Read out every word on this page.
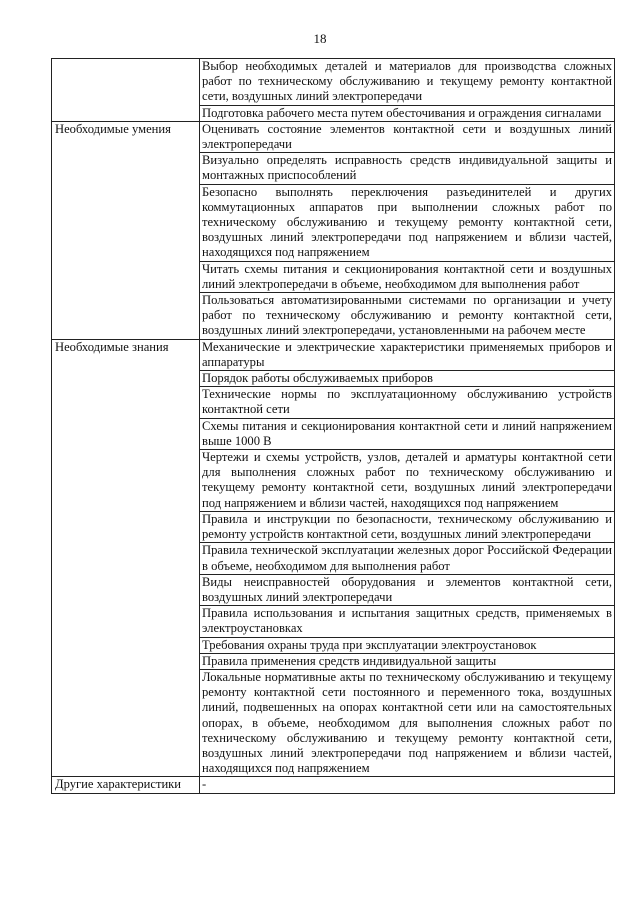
18
	Выбор необходимых деталей и материалов для производства сложных работ по техническому обслуживанию и текущему ремонту контактной сети, воздушных линий электропередачи
	Подготовка рабочего места путем обесточивания и ограждения сигналами
Необходимые умения	Оценивать состояние элементов контактной сети и воздушных линий электропередачи
	Визуально определять исправность средств индивидуальной защиты и монтажных приспособлений
	Безопасно выполнять переключения разъединителей и других коммутационных аппаратов при выполнении сложных работ по техническому обслуживанию и текущему ремонту контактной сети, воздушных линий электропередачи под напряжением и вблизи частей, находящихся под напряжением
	Читать схемы питания и секционирования контактной сети и воздушных линий электропередачи в объеме, необходимом для выполнения работ
	Пользоваться автоматизированными системами по организации и учету работ по техническому обслуживанию и ремонту контактной сети, воздушных линий электропередачи, установленными на рабочем месте
Необходимые знания	Механические и электрические характеристики применяемых приборов и аппаратуры
	Порядок работы обслуживаемых приборов
	Технические нормы по эксплуатационному обслуживанию устройств контактной сети
	Схемы питания и секционирования контактной сети и линий напряжением выше 1000 В
	Чертежи и схемы устройств, узлов, деталей и арматуры контактной сети для выполнения сложных работ по техническому обслуживанию и текущему ремонту контактной сети, воздушных линий электропередачи под напряжением и вблизи частей, находящихся под напряжением
	Правила и инструкции по безопасности, техническому обслуживанию и ремонту устройств контактной сети, воздушных линий электропередачи
	Правила технической эксплуатации железных дорог Российской Федерации в объеме, необходимом для выполнения работ
	Виды неисправностей оборудования и элементов контактной сети, воздушных линий электропередачи
	Правила использования и испытания защитных средств, применяемых в электроустановках
	Требования охраны труда при эксплуатации электроустановок
	Правила применения средств индивидуальной защиты
	Локальные нормативные акты по техническому обслуживанию и текущему ремонту контактной сети постоянного и переменного тока, воздушных линий, подвешенных на опорах контактной сети или на самостоятельных опорах, в объеме, необходимом для выполнения сложных работ по техническому обслуживанию и текущему ремонту контактной сети, воздушных линий электропередачи под напряжением и вблизи частей, находящихся под напряжением
Другие характеристики	-
